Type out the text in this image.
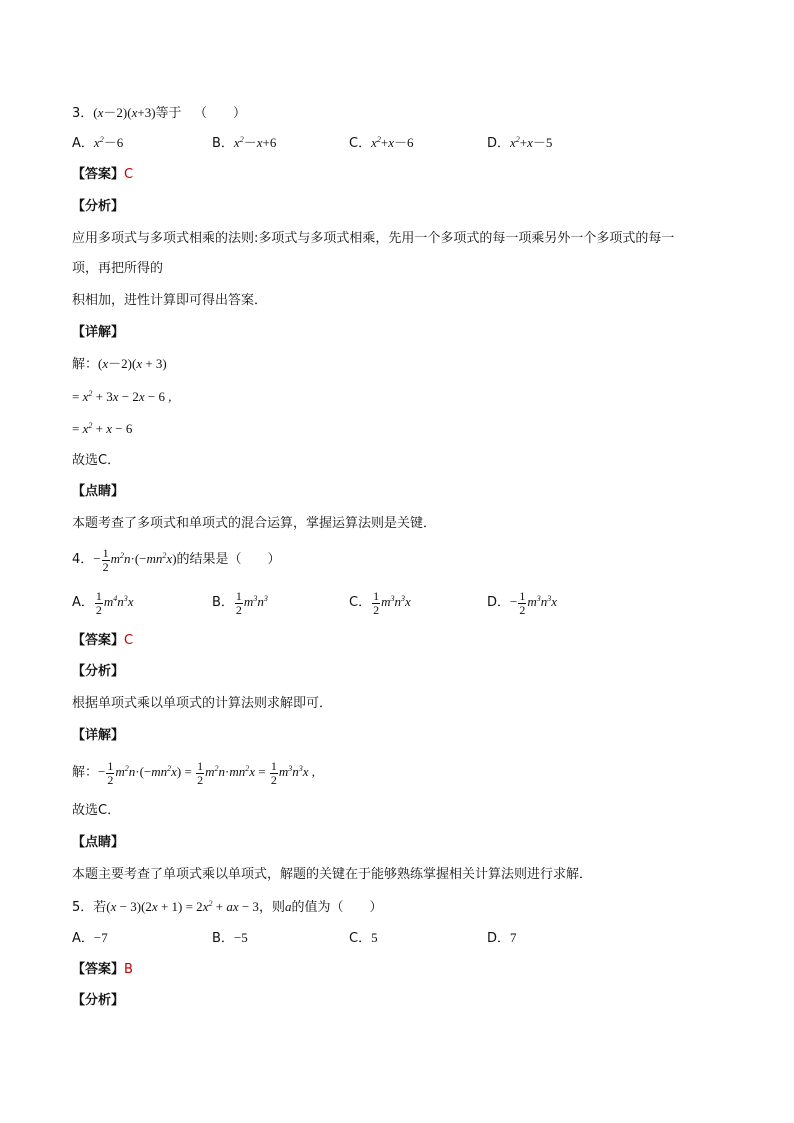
3．(x－2)(x+3)等于 （　　）
A．$x^2-6$	B．$x^2-x+6$	C．$x^2+x-6$	D．$x^2+x-5$
【答案】C
【分析】
应用多项式与多项式相乘的法则:多项式与多项式相乘，先用一个多项式的每一项乘另外一个多项式的每一
项，再把所得的
积相加，进性计算即可得出答案．
【详解】
解：(x－2)(x + 3)
= $x^2 + 3x - 2x - 6$ ,
= $x^2 + x - 6$
故选C．
【点睛】
本题考查了多项式和单项式的混合运算，掌握运算法则是关键．
4．− $\frac{1}{2} m^2n\cdot(-mn^2x)$的结果是（　　）
A． $\frac{1}{2} m^4n^3x$	B． $\frac{1}{2} m^3n^3$	C． $\frac{1}{2} m^3n^3x$	D．− $\frac{1}{2} m^3n^3x$
【答案】C
【分析】
根据单项式乘以单项式的计算法则求解即可．
【详解】
解：− $\frac{1}{2} m^2n\cdot(-mn^2x) = \frac{1}{2} m^2n\cdot mn^2x = \frac{1}{2} m^3n^3x$ ,
故选C．
【点睛】
本题主要考查了单项式乘以单项式，解题的关键在于能够熟练掌握相关计算法则进行求解．
5．若$(x - 3)(2x + 1) = 2x^2$ + ax − 3，则a的值为（　　）
A．−7	B．−5	C．5	D．7
【答案】B
【分析】
